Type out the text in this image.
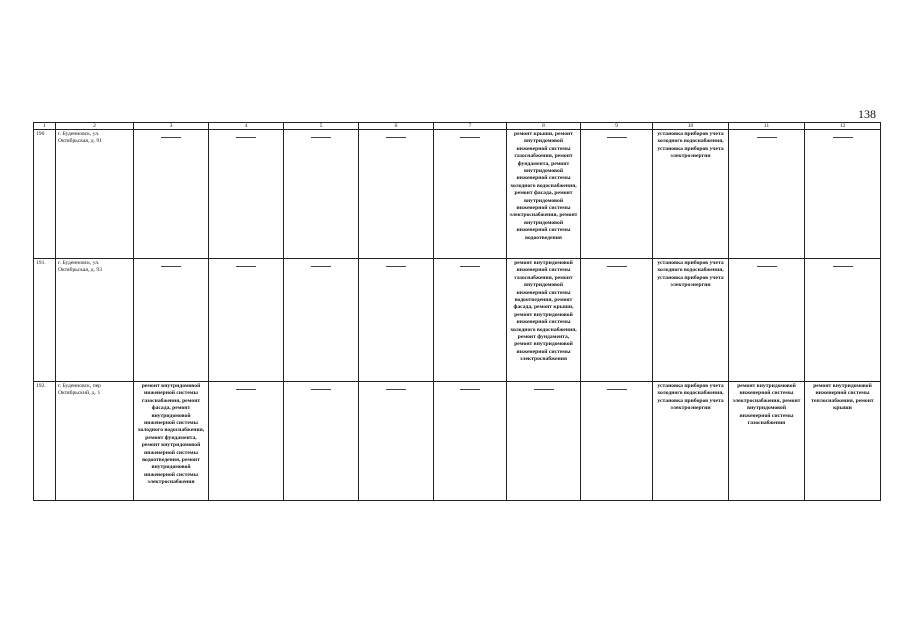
138
1	2	3	4	5	6	7	8	9	10	11	12
190	г. Буденновск, ул. Октябрьская, д. 91						ремонт крыши, ремонт внутридомовой инженерной системы газоснабжения, ремонт фундамента, ремонт внутридомовой инженерной системы холодного водоснабжения, ремонт фасада, ремонт внутридомовой инженерной системы электроснабжения, ремонт внутридомовой инженерной системы водоотведения		установка приборов учета холодного водоснабжения, установка приборов учета электроэнергии	

191.	г. Буденновск, ул. Октябрьская, д. 93						ремонт внутридомовой инженерной системы газоснабжения, ремонт внутридомовой инженерной системы водоотведения, ремонт фасада, ремонт крыши, ремонт внутридомовой инженерной системы холодного водоснабжения, ремонт фундамента, ремонт внутридомовой инженерной системы электроснабжения		установка приборов учета холодного водоснабжения, установка приборов учета электроэнергии	

192.	г. Буденновск, пер Октябрьский, д. 1	ремонт внутридомовой инженерной системы газоснабжения, ремонт фасада, ремонт внутридомовой инженерной системы холодного водоснабжения, ремонт фундамента, ремонт внутридомовой инженерной системы водоотведения, ремонт внутридомовой инженерной системы электроснабжения							установка приборов учета холодного водоснабжения, установка приборов учета электроэнергии	ремонт внутридомовой инженерной системы электроснабжения, ремонт внутридомовой инженерной системы газоснабжения	ремонт внутридомовой инженерной системы теплоснабжения, ремонт крыши
